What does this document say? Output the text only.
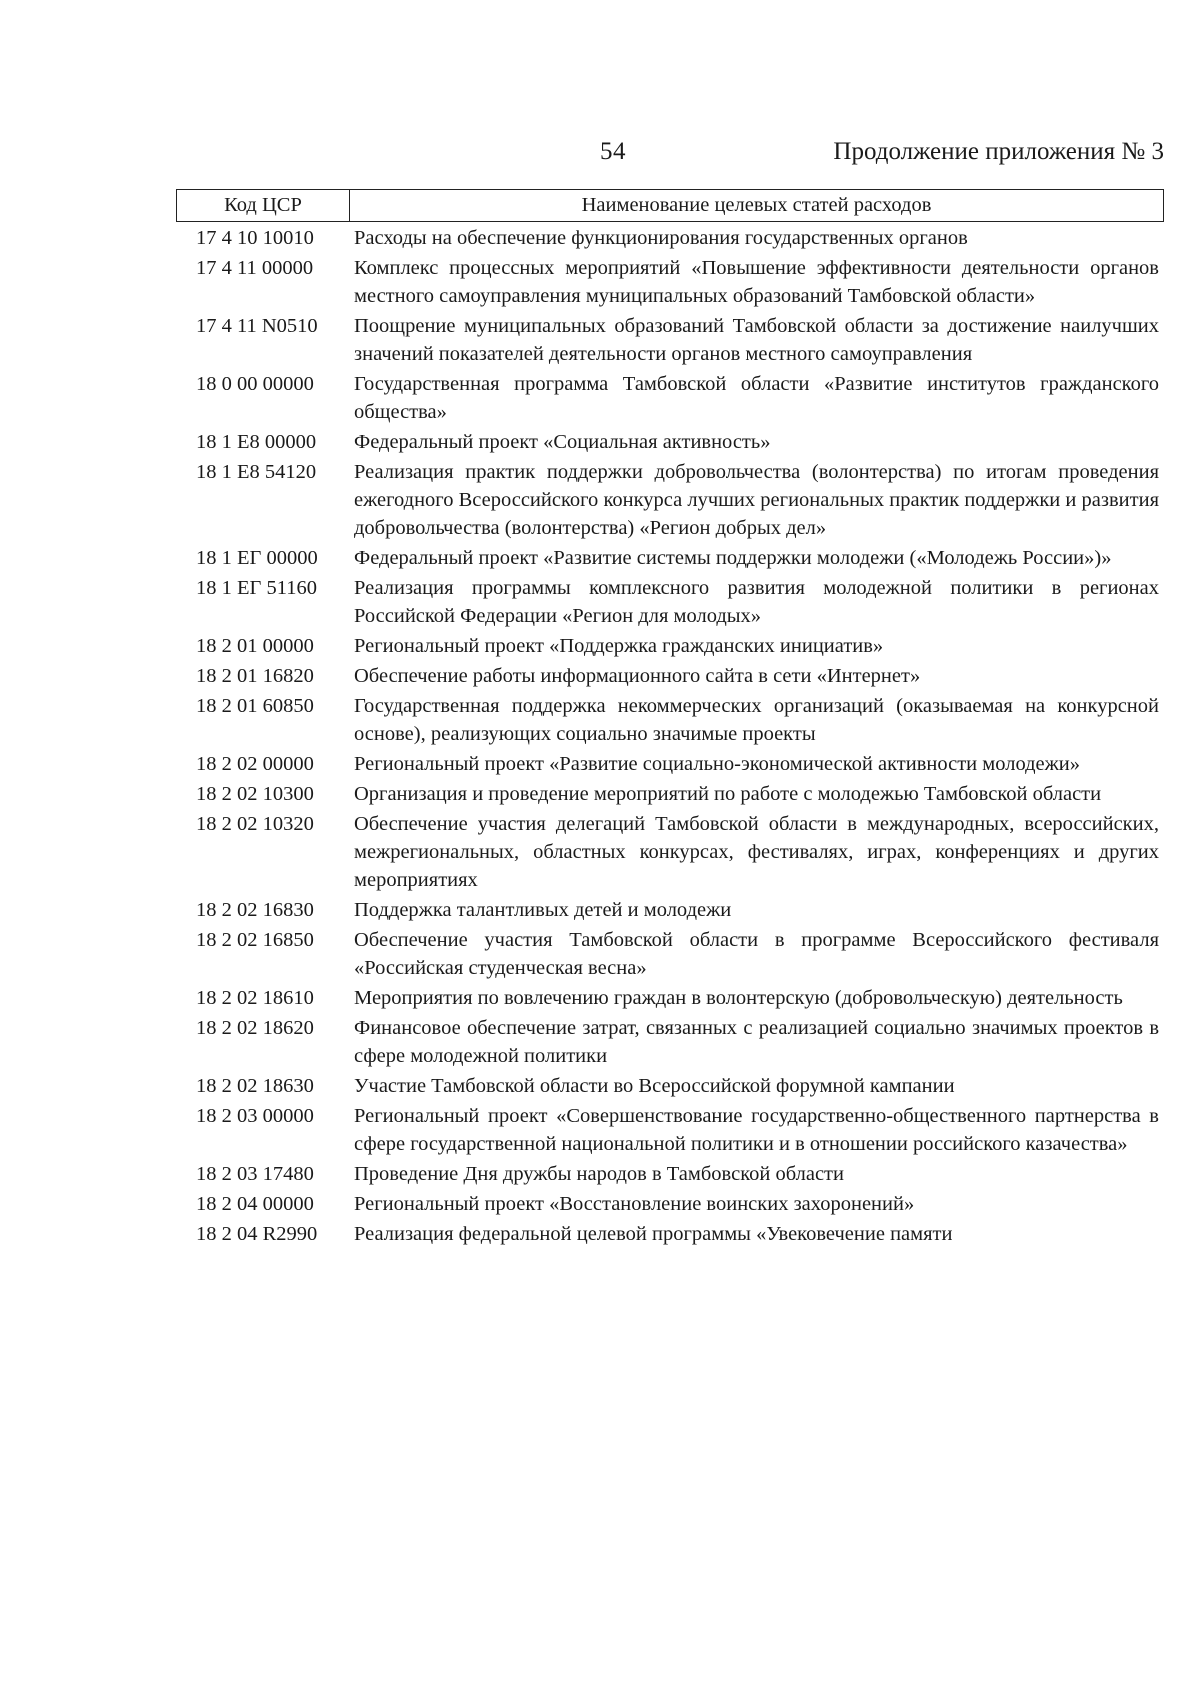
54	Продолжение приложения № 3
Код ЦСР	Наименование целевых статей расходов
17 4 10 10010	Расходы на обеспечение функционирования государственных органов
17 4 11 00000	Комплекс процессных мероприятий «Повышение эффективности деятельности органов местного самоуправления муниципальных образований Тамбовской области»
17 4 11 N0510	Поощрение муниципальных образований Тамбовской области за достижение наилучших значений показателей деятельности органов местного самоуправления
18 0 00 00000	Государственная программа Тамбовской области «Развитие институтов гражданского общества»
18 1 E8 00000	Федеральный проект «Социальная активность»
18 1 E8 54120	Реализация практик поддержки добровольчества (волонтерства) по итогам проведения ежегодного Всероссийского конкурса лучших региональных практик поддержки и развития добровольчества (волонтерства) «Регион добрых дел»
18 1 ЕГ 00000	Федеральный проект «Развитие системы поддержки молодежи («Молодежь России»)»
18 1 ЕГ 51160	Реализация программы комплексного развития молодежной политики в регионах Российской Федерации «Регион для молодых»
18 2 01 00000	Региональный проект «Поддержка гражданских инициатив»
18 2 01 16820	Обеспечение работы информационного сайта в сети «Интернет»
18 2 01 60850	Государственная поддержка некоммерческих организаций (оказываемая на конкурсной основе), реализующих социально значимые проекты
18 2 02 00000	Региональный проект «Развитие социально-экономической активности молодежи»
18 2 02 10300	Организация и проведение мероприятий по работе с молодежью Тамбовской области
18 2 02 10320	Обеспечение участия делегаций Тамбовской области в международных, всероссийских, межрегиональных, областных конкурсах, фестивалях, играх, конференциях и других мероприятиях
18 2 02 16830	Поддержка талантливых детей и молодежи
18 2 02 16850	Обеспечение участия Тамбовской области в программе Всероссийского фестиваля «Российская студенческая весна»
18 2 02 18610	Мероприятия по вовлечению граждан в волонтерскую (добровольческую) деятельность
18 2 02 18620	Финансовое обеспечение затрат, связанных с реализацией социально значимых проектов в сфере молодежной политики
18 2 02 18630	Участие Тамбовской области во Всероссийской форумной кампании
18 2 03 00000	Региональный проект «Совершенствование государственно-общественного партнерства в сфере государственной национальной политики и в отношении российского казачества»
18 2 03 17480	Проведение Дня дружбы народов в Тамбовской области
18 2 04 00000	Региональный проект «Восстановление воинских захоронений»
18 2 04 R2990	Реализация федеральной целевой программы «Увековечение памяти
